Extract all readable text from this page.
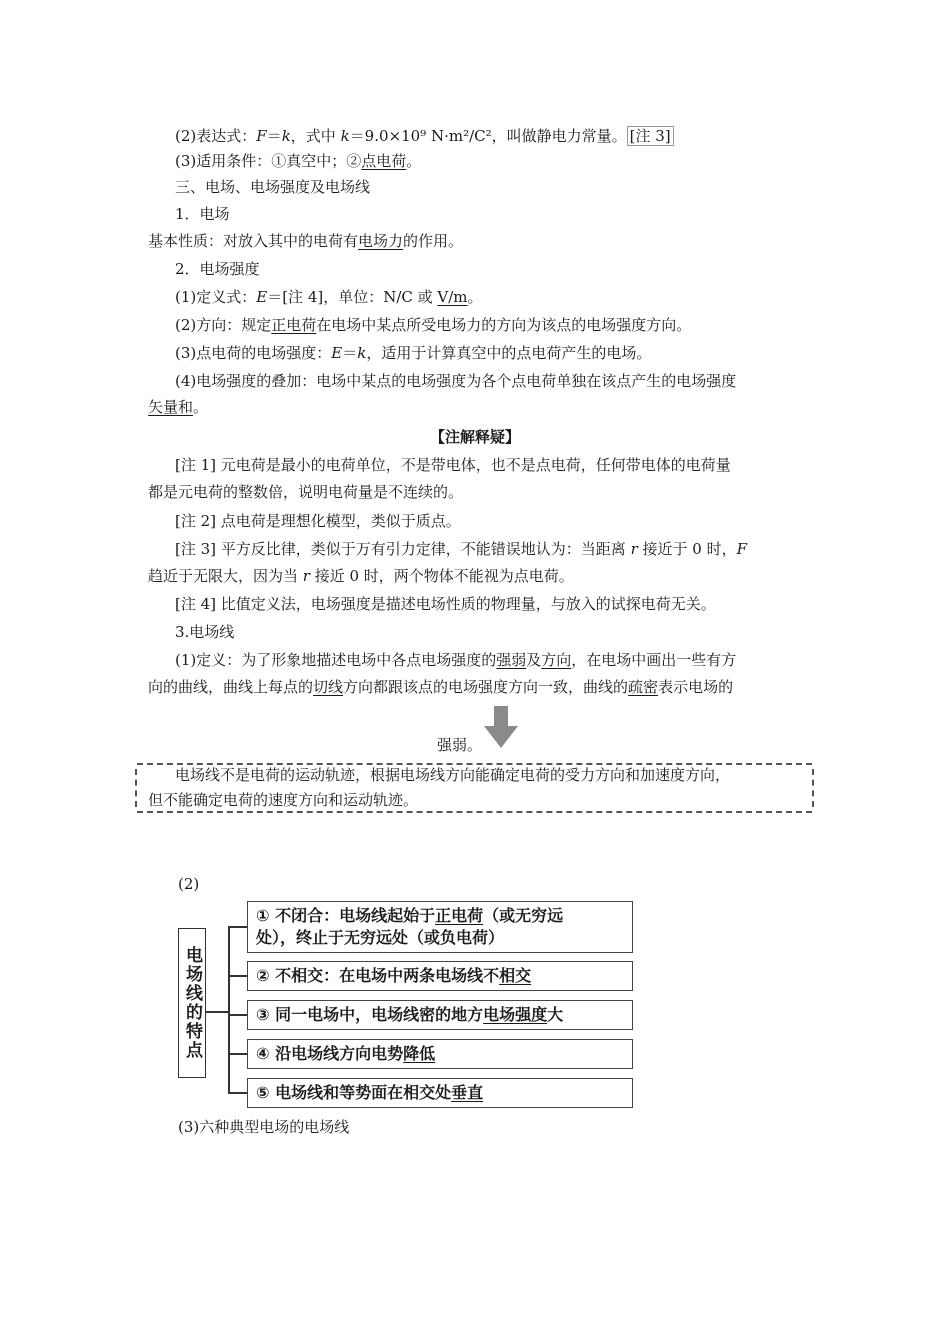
(2)表达式：F＝k，式中 k＝9.0×10⁹ N·m²/C²，叫做静电力常量。 [注 3]
(3)适用条件：①真空中；②点电荷。
三、电场、电场强度及电场线
1．电场
基本性质：对放入其中的电荷有电场力的作用。
2．电场强度
(1)定义式：E＝[注 4]，单位：N/C 或 V/m。
(2)方向：规定正电荷在电场中某点所受电场力的方向为该点的电场强度方向。
(3)点电荷的电场强度：E＝k，适用于计算真空中的点电荷产生的电场。
(4)电场强度的叠加：电场中某点的电场强度为各个点电荷单独在该点产生的电场强度
矢量和。
【注解释疑】
[注 1] 元电荷是最小的电荷单位，不是带电体，也不是点电荷，任何带电体的电荷量
都是元电荷的整数倍，说明电荷量是不连续的。
[注 2] 点电荷是理想化模型，类似于质点。
[注 3] 平方反比律，类似于万有引力定律，不能错误地认为：当距离 r 接近于 0 时，F
趋近于无限大，因为当 r 接近 0 时，两个物体不能视为点电荷。
[注 4] 比值定义法，电场强度是描述电场性质的物理量，与放入的试探电荷无关。
3.电场线
(1)定义：为了形象地描述电场中各点电场强度的强弱及方向，在电场中画出一些有方
向的曲线，曲线上每点的切线方向都跟该点的电场强度方向一致，曲线的疏密表示电场的
强弱。
电场线不是电荷的运动轨迹，根据电场线方向能确定电荷的受力方向和加速度方向，
但不能确定电荷的速度方向和运动轨迹。
(2)
电场线的特点
① 不闭合：电场线起始于正电荷（或无穷远
处），终止于无穷远处（或负电荷）
② 不相交：在电场中两条电场线不相交
③ 同一电场中，电场线密的地方电场强度大
④ 沿电场线方向电势降低
⑤ 电场线和等势面在相交处垂直
(3)六种典型电场的电场线
